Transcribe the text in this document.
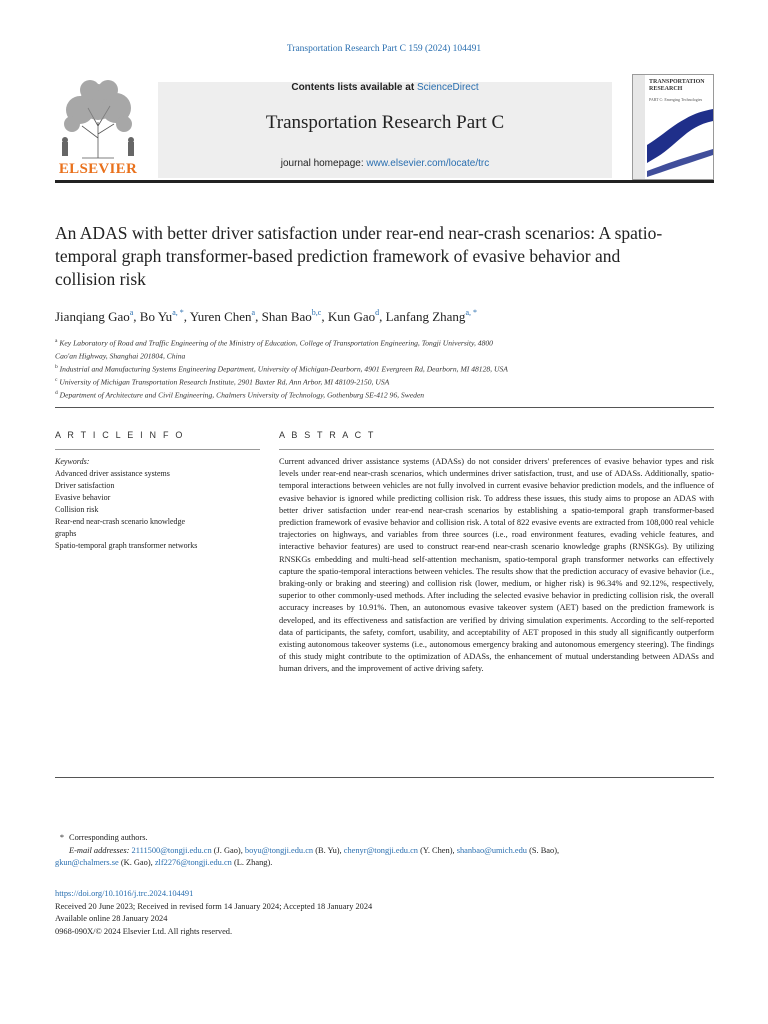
Transportation Research Part C 159 (2024) 104491
ELSEVIER
Contents lists available at ScienceDirect
Transportation Research Part C
journal homepage: www.elsevier.com/locate/trc
TRANSPORTATION RESEARCH
PART C: Emerging Technologies
An ADAS with better driver satisfaction under rear-end near-crash scenarios: A spatio-temporal graph transformer-based prediction framework of evasive behavior and collision risk
Jianqiang Gao$^a$, Bo $Yu^{a, *}$, Yuren Chen$^a$, Shan Bao$^{b,c}$, Kun Gao$^d$, Lanfang Zhang$^{a, *}$
$^a$ Key Laboratory of Road and Traffic Engineering of the Ministry of Education, College of Transportation Engineering, Tongji University, 4800
Cao'an Highway, Shanghai 201804, China
$^b$ Industrial and Manufacturing Systems Engineering Department, University of Michigan-Dearborn, 4901 Evergreen Rd, Dearborn, MI 48128, USA
$^c$ University of Michigan Transportation Research Institute, 2901 Baxter Rd, Ann Arbor, MI 48109-2150, USA
$^d$ Department of Architecture and Civil Engineering, Chalmers University of Technology, Gothenburg SE-412 96, Sweden
A R T I C L E I N F O
Keywords:
Advanced driver assistance systems
Driver satisfaction
Evasive behavior
Collision risk
Rear-end near-crash scenario knowledge
graphs
Spatio-temporal graph transformer networks
A B S T R A C T
Current advanced driver assistance systems (ADASs) do not consider drivers' preferences of evasive behavior types and risk levels under rear-end near-crash scenarios, which undermines driver satisfaction, trust, and use of ADASs. Additionally, spatio-temporal interactions between vehicles are not fully involved in current evasive behavior prediction models, and the influence of evasive behavior is ignored while predicting collision risk. To address these issues, this study aims to propose an ADAS with better driver satisfaction under rear-end near-crash scenarios by establishing a spatio-temporal graph transformer-based prediction framework of evasive behavior and collision risk. A total of 822 evasive events are extracted from 108,000 real vehicle trajectories on highways, and variables from three sources (i.e., road environment features, evading vehicle features, and interactive behavior features) are used to construct rear-end near-crash scenario knowledge graphs (RNSKGs). By utilizing RNSKGs embedding and multi-head self-attention mechanism, spatio-temporal graph transformer networks can effectively capture the spatio-temporal interactions between vehicles. The results show that the prediction accuracy of evasive behavior (i.e., braking-only or braking and steering) and collision risk (lower, medium, or higher risk) is 96.34% and 92.12%, respectively, superior to other commonly-used methods. After including the selected evasive behavior in predicting collision risk, the overall accuracy increases by 10.91%. Then, an autonomous evasive takeover system (AET) based on the prediction framework is developed, and its effectiveness and satisfaction are verified by driving simulation experiments. According to the self-reported data of participants, the safety, comfort, usability, and acceptability of AET proposed in this study all significantly outperform existing autonomous takeover systems (i.e., autonomous emergency braking and autonomous emergency steering). The findings of this study might contribute to the optimization of ADASs, the enhancement of mutual understanding between ADASs and human drivers, and the improvement of active driving safety.
* Corresponding authors.
E-mail addresses: 2111500@tongji.edu.cn (J. Gao), boyu@tongji.edu.cn (B. Yu), chenyr@tongji.edu.cn (Y. Chen), shanbao@umich.edu (S. Bao),
gkun@chalmers.se (K. Gao), zlf2276@tongji.edu.cn (L. Zhang).
https://doi.org/10.1016/j.trc.2024.104491
Received 20 June 2023; Received in revised form 14 January 2024; Accepted 18 January 2024
Available online 28 January 2024
0968-090X/© 2024 Elsevier Ltd. All rights reserved.
